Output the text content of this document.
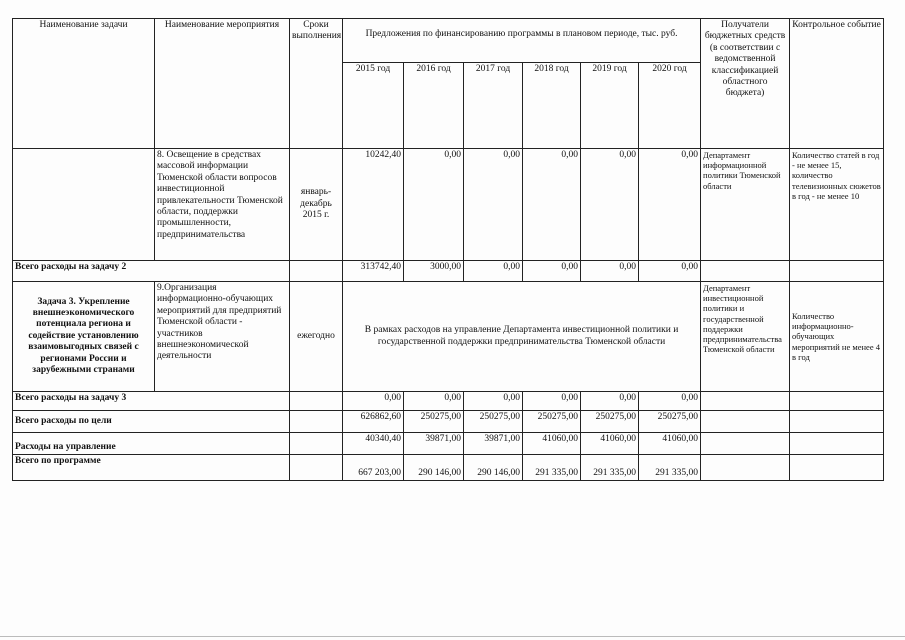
Наименование задачи	Наименование мероприятия	Сроки выполнения	Предложения по финансированию программы в плановом периоде, тыс. руб.						Получатели бюджетных средств (в соответствии с ведомственной классификацией областного бюджета)	Контрольное событие
			2015 год	2016 год	2017 год	2018 год	2019 год	2020 год		
	8. Освещение в средствах массовой информации Тюменской области вопросов инвестиционной привлекательности Тюменской области, поддержки промышленности, предпринимательства	январь-декабрь 2015 г.	10242,40	0,00	0,00	0,00	0,00	0,00	Департамент информационной политики Тюменской области	Количество статей в год - не менее 15, количество телевизионных сюжетов в год - не менее 10
Всего расходы на задачу 2			313742,40	3000,00	0,00	0,00	0,00	0,00		
Задача 3. Укрепление внешнеэкономического потенциала региона и содействие установлению взаимовыгодных связей с регионами России и зарубежными странами	9.Организация информационно-обучающих мероприятий для предприятий Тюменской области - участников внешнеэкономической деятельности	ежегодно	В рамках расходов на управление Департамента инвестиционной политики и государственной поддержки предпринимательства Тюменской области						Департамент инвестиционной политики и государственной поддержки предпринимательства Тюменской области	Количество информационно-обучающих мероприятий не менее 4 в год
Всего расходы на задачу 3			0,00	0,00	0,00	0,00	0,00	0,00		
Всего расходы по цели			626862,60	250275,00	250275,00	250275,00	250275,00	250275,00		
Расходы на управление			40340,40	39871,00	39871,00	41060,00	41060,00	41060,00		
Всего по программе			667 203,00	290 146,00	290 146,00	291 335,00	291 335,00	291 335,00		
